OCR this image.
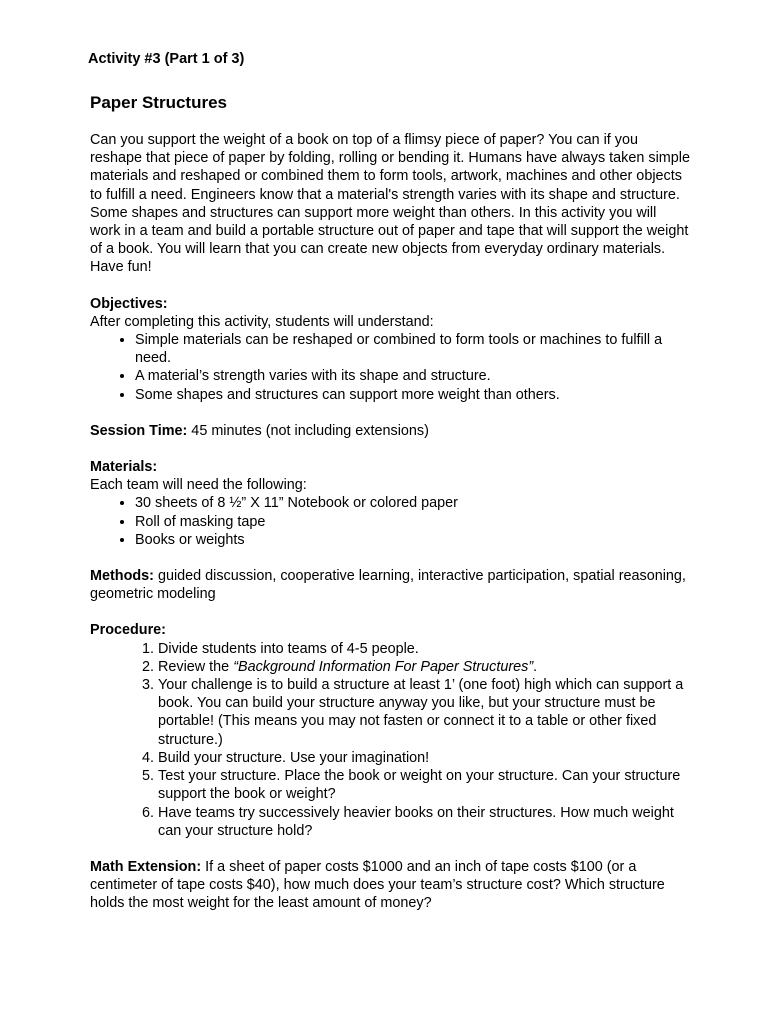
Activity #3 (Part 1 of 3)
Paper Structures

Can you support the weight of a book on top of a flimsy piece of paper? You can if you reshape that piece of paper by folding, rolling or bending it. Humans have always taken simple materials and reshaped or combined them to form tools, artwork, machines and other objects to fulfill a need. Engineers know that a material's strength varies with its shape and structure. Some shapes and structures can support more weight than others. In this activity you will work in a team and build a portable structure out of paper and tape that will support the weight of a book. You will learn that you can create new objects from everyday ordinary materials. Have fun!

Objectives:

After completing this activity, students will understand:

• Simple materials can be reshaped or combined to form tools or machines to fulfill a need.
• A material’s strength varies with its shape and structure.
• Some shapes and structures can support more weight than others.

Session Time: 45 minutes (not including extensions)

Materials:

Each team will need the following:

• 30 sheets of 8 ½” X 11” Notebook or colored paper
• Roll of masking tape
• Books or weights

Methods: guided discussion, cooperative learning, interactive participation, spatial reasoning, geometric modeling

Procedure:

1. Divide students into teams of 4-5 people.
2. Review the “Background Information For Paper Structures”.
3. Your challenge is to build a structure at least 1’ (one foot) high which can support a book. You can build your structure anyway you like, but your structure must be portable! (This means you may not fasten or connect it to a table or other fixed structure.)
4. Build your structure. Use your imagination!
5. Test your structure. Place the book or weight on your structure. Can your structure support the book or weight?
6. Have teams try successively heavier books on their structures. How much weight can your structure hold?

Math Extension: If a sheet of paper costs $1000 and an inch of tape costs $100 (or a centimeter of tape costs $40), how much does your team’s structure cost? Which structure holds the most weight for the least amount of money?
